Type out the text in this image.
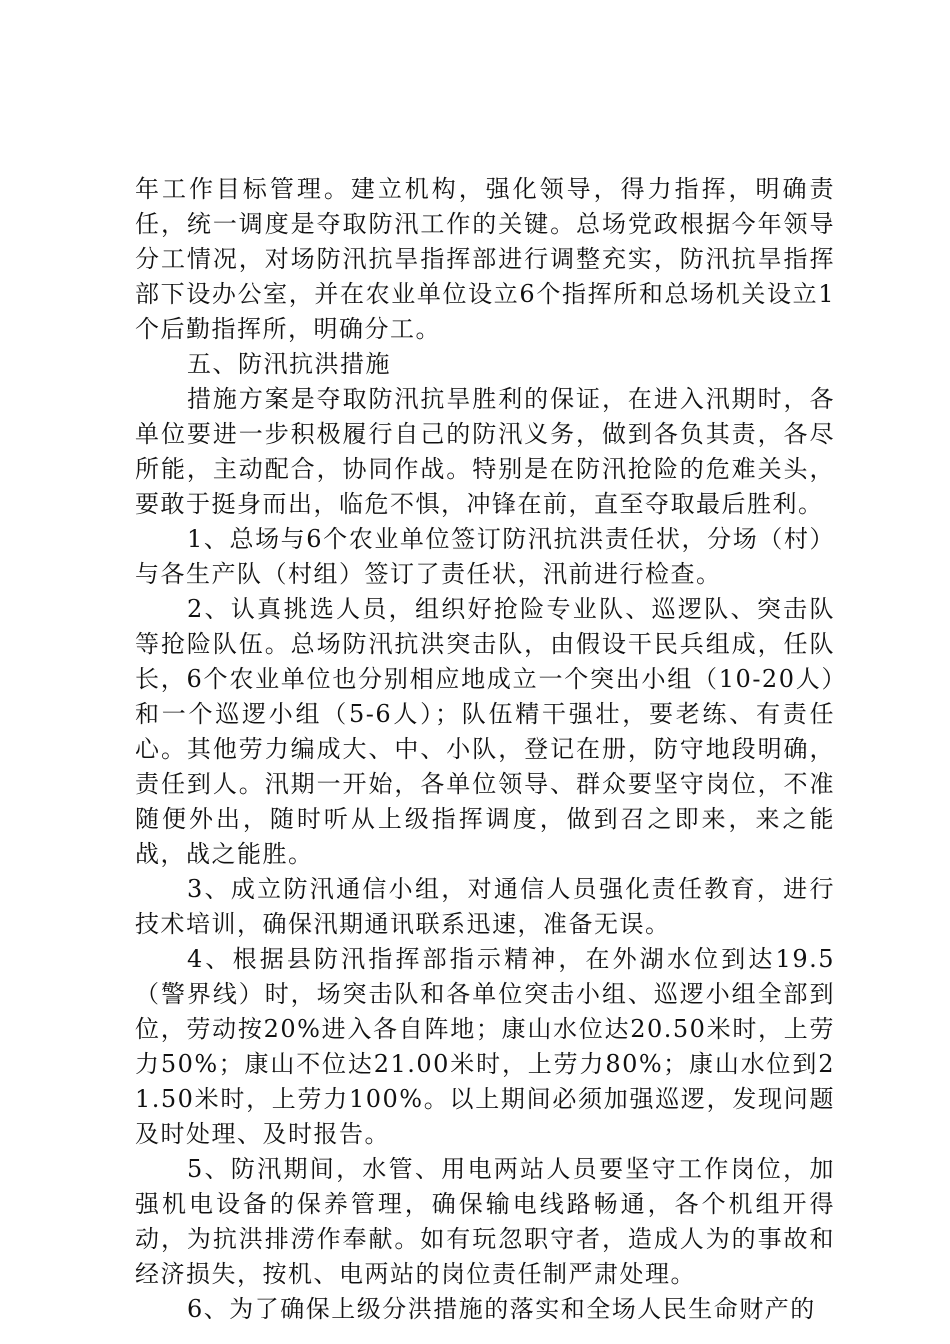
年工作目标管理。建立机构，强化领导，得力指挥，明确责任，统一调度是夺取防汛工作的关键。总场党政根据今年领导分工情况，对场防汛抗旱指挥部进行调整充实，防汛抗旱指挥部下设办公室，并在农业单位设立6个指挥所和总场机关设立1个后勤指挥所，明确分工。

五、防汛抗洪措施

措施方案是夺取防汛抗旱胜利的保证，在进入汛期时，各单位要进一步积极履行自己的防汛义务，做到各负其责，各尽所能，主动配合，协同作战。特别是在防汛抢险的危难关头，要敢于挺身而出，临危不惧，冲锋在前，直至夺取最后胜利。

1、总场与6个农业单位签订防汛抗洪责任状，分场（村）与各生产队（村组）签订了责任状，汛前进行检查。

2、认真挑选人员，组织好抢险专业队、巡逻队、突击队等抢险队伍。总场防汛抗洪突击队，由假设干民兵组成，任队长，6个农业单位也分别相应地成立一个突出小组（10-20人）和一个巡逻小组（5-6人）；队伍精干强壮，要老练、有责任心。其他劳力编成大、中、小队，登记在册，防守地段明确，责任到人。汛期一开始，各单位领导、群众要坚守岗位，不准随便外出，随时听从上级指挥调度，做到召之即来，来之能战，战之能胜。

3、成立防汛通信小组，对通信人员强化责任教育，进行技术培训，确保汛期通讯联系迅速，准备无误。

4、根据县防汛指挥部指示精神，在外湖水位到达19.5（警界线）时，场突击队和各单位突击小组、巡逻小组全部到位，劳动按20%进入各自阵地；康山水位达20.50米时，上劳力50%；康山不位达21.00米时，上劳力80%；康山水位到21.50米时，上劳力100%。以上期间必须加强巡逻，发现问题及时处理、及时报告。

5、防汛期间，水管、用电两站人员要坚守工作岗位，加强机电设备的保养管理，确保输电线路畅通，各个机组开得动，为抗洪排涝作奉献。如有玩忽职守者，造成人为的事故和经济损失，按机、电两站的岗位责任制严肃处理。

6、为了确保上级分洪措施的落实和全场人民生命财产的
